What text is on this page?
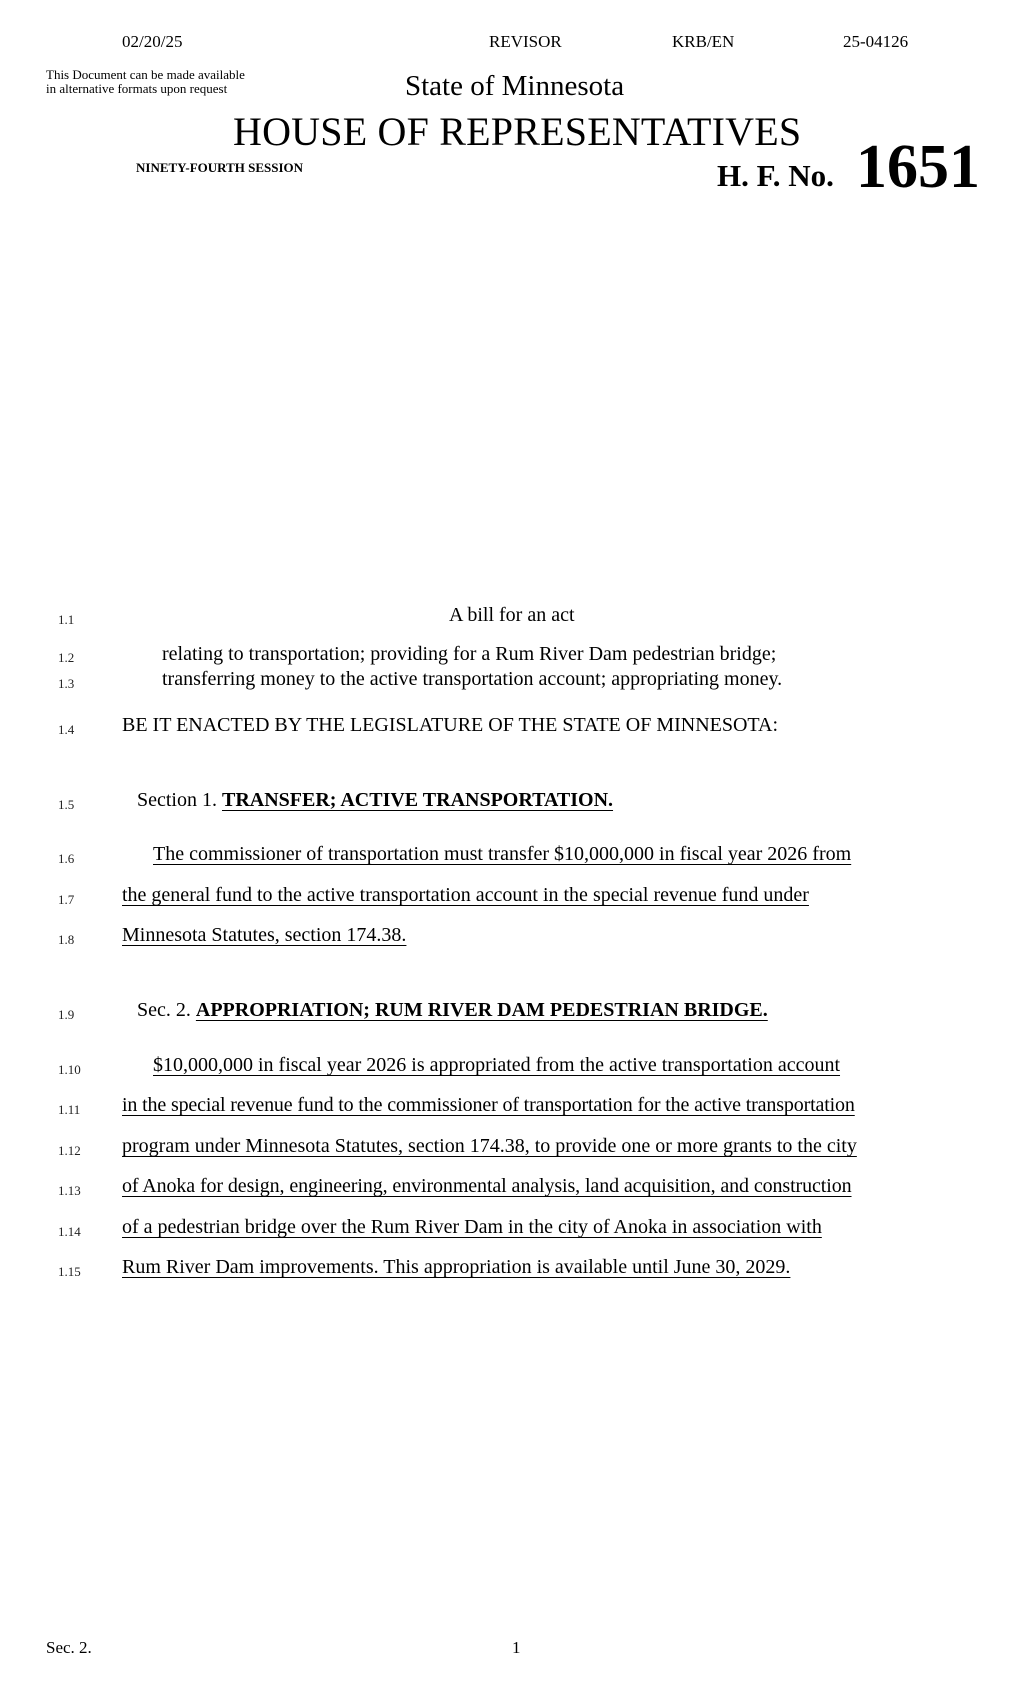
02/20/25	REVISOR	KRB/EN	25-04126
This Document can be made available
in alternative formats upon request	State of Minnesota
HOUSE OF REPRESENTATIVES
NINETY-FOURTH SESSION	H. F. No. 1651
1.1
1.2
1.3
1.4
1.5
1.6
1.7
1.8
1.9
1.10
1.11
1.12
1.13
1.14
1.15
A bill for an act
relating to transportation; providing for a Rum River Dam pedestrian bridge;
transferring money to the active transportation account; appropriating money.
BE IT ENACTED BY THE LEGISLATURE OF THE STATE OF MINNESOTA:
Section 1. TRANSFER; ACTIVE TRANSPORTATION.
The commissioner of transportation must transfer $10,000,000 in fiscal year 2026 from
the general fund to the active transportation account in the special revenue fund under
Minnesota Statutes, section 174.38.
Sec. 2. APPROPRIATION; RUM RIVER DAM PEDESTRIAN BRIDGE.
$10,000,000 in fiscal year 2026 is appropriated from the active transportation account
in the special revenue fund to the commissioner of transportation for the active transportation
program under Minnesota Statutes, section 174.38, to provide one or more grants to the city
of Anoka for design, engineering, environmental analysis, land acquisition, and construction
of a pedestrian bridge over the Rum River Dam in the city of Anoka in association with
Rum River Dam improvements. This appropriation is available until June 30, 2029.
Sec. 2.	1
